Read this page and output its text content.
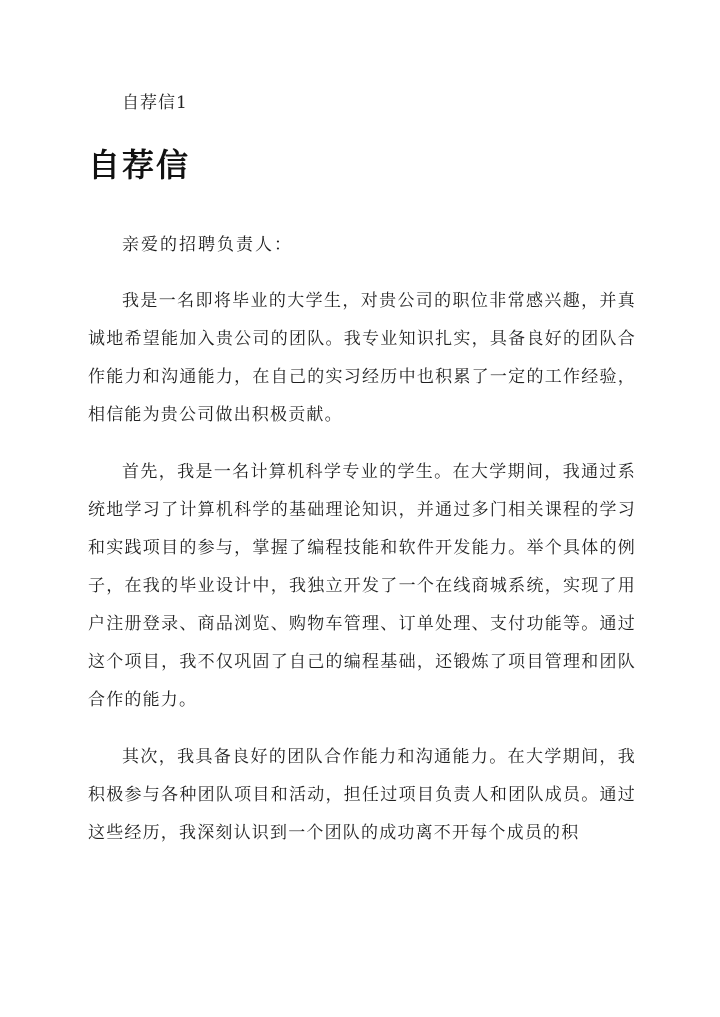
自荐信1
自荐信
亲爱的招聘负责人：

我是一名即将毕业的大学生，对贵公司的职位非常感兴趣，并真诚地希望能加入贵公司的团队。我专业知识扎实，具备良好的团队合作能力和沟通能力，在自己的实习经历中也积累了一定的工作经验，相信能为贵公司做出积极贡献。

首先，我是一名计算机科学专业的学生。在大学期间，我通过系统地学习了计算机科学的基础理论知识，并通过多门相关课程的学习和实践项目的参与，掌握了编程技能和软件开发能力。举个具体的例子，在我的毕业设计中，我独立开发了一个在线商城系统，实现了用户注册登录、商品浏览、购物车管理、订单处理、支付功能等。通过这个项目，我不仅巩固了自己的编程基础，还锻炼了项目管理和团队合作的能力。

其次，我具备良好的团队合作能力和沟通能力。在大学期间，我积极参与各种团队项目和活动，担任过项目负责人和团队成员。通过这些经历，我深刻认识到一个团队的成功离不开每个成员的积
